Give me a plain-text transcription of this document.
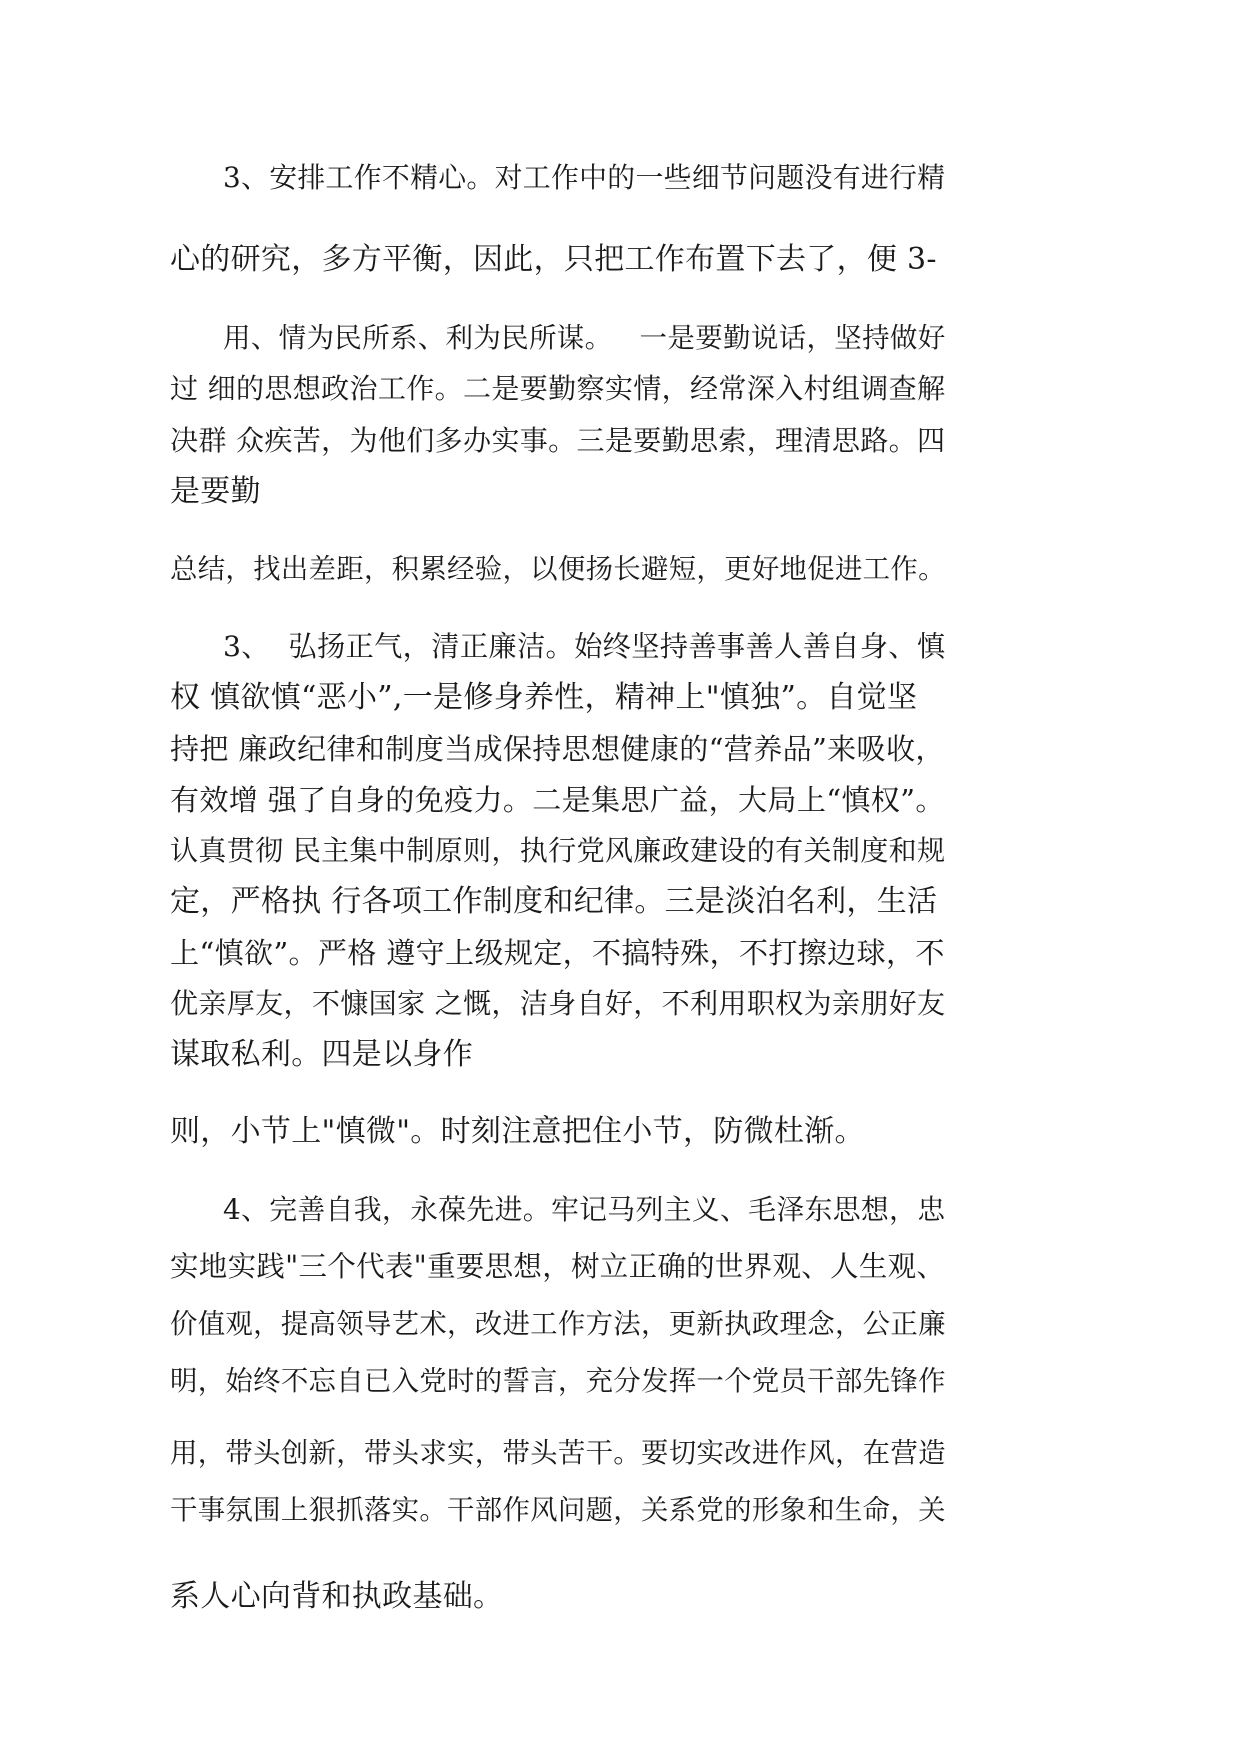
3、安排工作不精心。对工作中的一些细节问题没有进行精
心的研究，多方平衡，因此，只把工作布置下去了，便 3-
用、情为民所系、利为民所谋。   一是要勤说话，坚持做好
过 细的思想政治工作。二是要勤察实情，经常深入村组调查解
决群 众疾苦，为他们多办实事。三是要勤思索，理清思路。四
是要勤
总结，找出差距，积累经验，以便扬长避短，更好地促进工作。
3、  弘扬正气，清正廉洁。始终坚持善事善人善自身、慎
权 慎欲慎“恶小”,一是修身养性，精神上"慎独”。自觉坚
持把 廉政纪律和制度当成保持思想健康的“营养品”来吸收，
有效增 强了自身的免疫力。二是集思广益，大局上“慎权”。
认真贯彻 民主集中制原则，执行党风廉政建设的有关制度和规
定，严格执 行各项工作制度和纪律。三是淡泊名利，生活
上“慎欲”。严格 遵守上级规定，不搞特殊，不打擦边球，不
优亲厚友，不慷国家 之慨，洁身自好，不利用职权为亲朋好友
谋取私利。四是以身作
则，小节上"慎微"。时刻注意把住小节，防微杜渐。
4、完善自我，永葆先进。牢记马列主义、毛泽东思想，忠
实地实践"三个代表"重要思想，树立正确的世界观、人生观、
价值观，提高领导艺术，改进工作方法，更新执政理念，公正廉
明，始终不忘自已入党时的誓言，充分发挥一个党员干部先锋作
用，带头创新，带头求实，带头苦干。要切实改进作风，在营造
干事氛围上狠抓落实。干部作风问题，关系党的形象和生命，关
系人心向背和执政基础。
